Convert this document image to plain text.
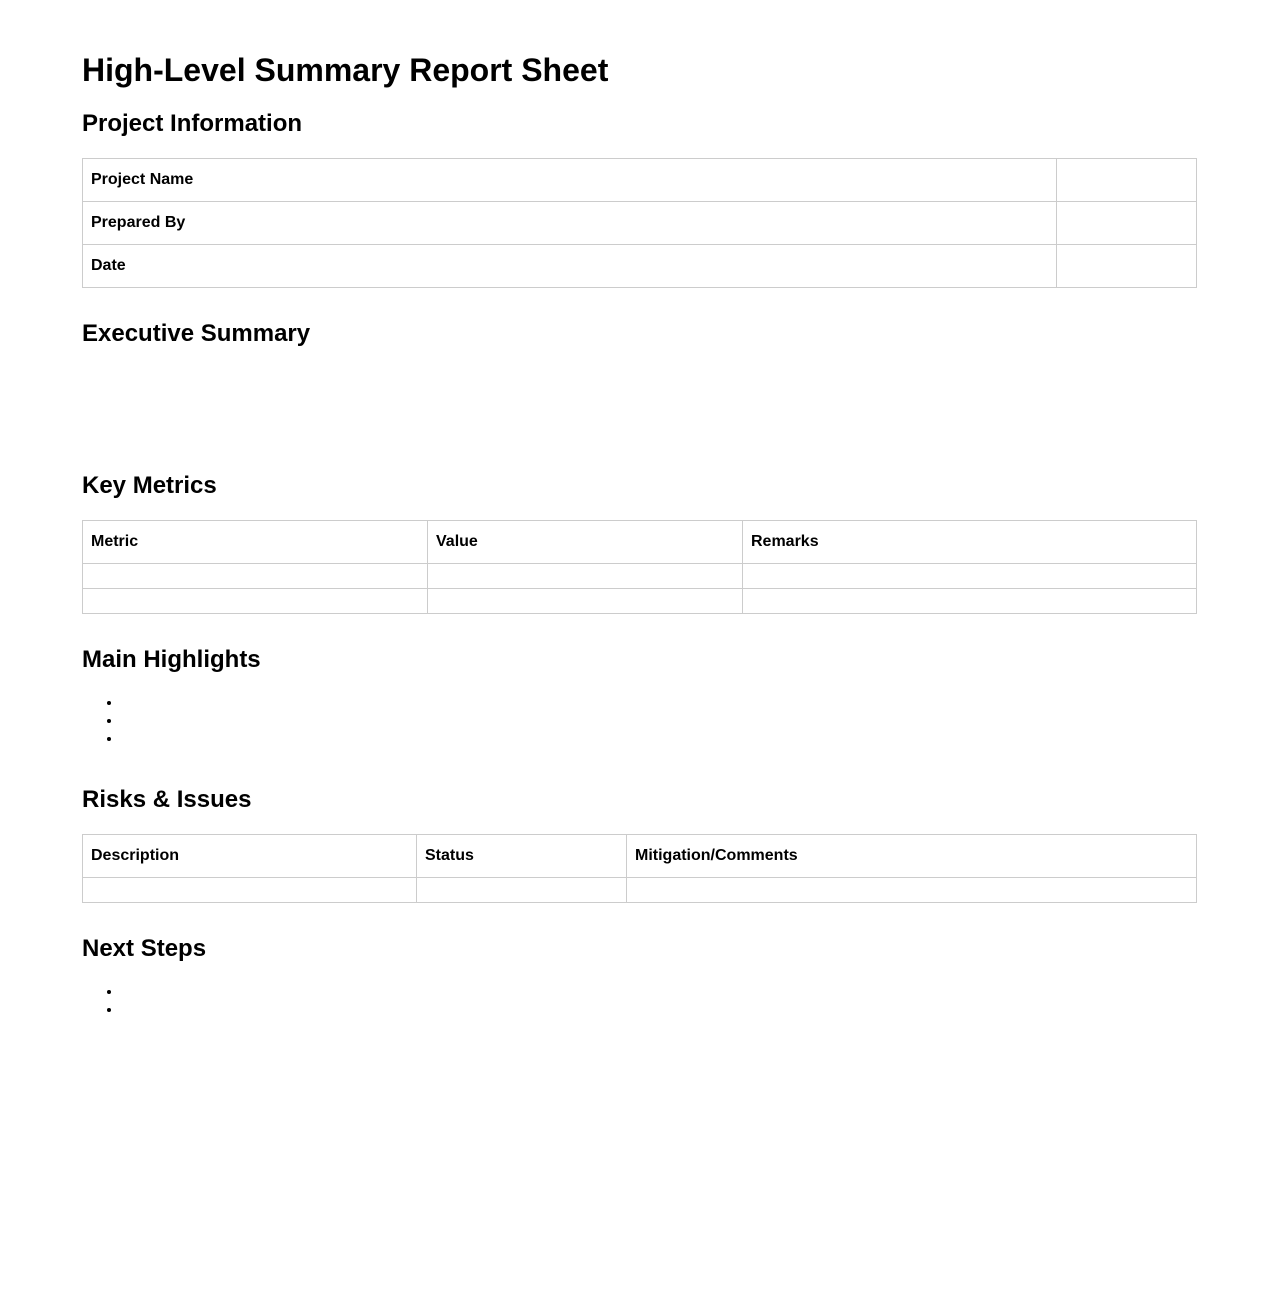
High-Level Summary Report Sheet
Project Information
Project Name	
Prepared By	
Date	
Executive Summary
Key Metrics
Metric	Value	Remarks

Main Highlights
Risks & Issues
Description	Status	Mitigation/Comments

Next Steps
